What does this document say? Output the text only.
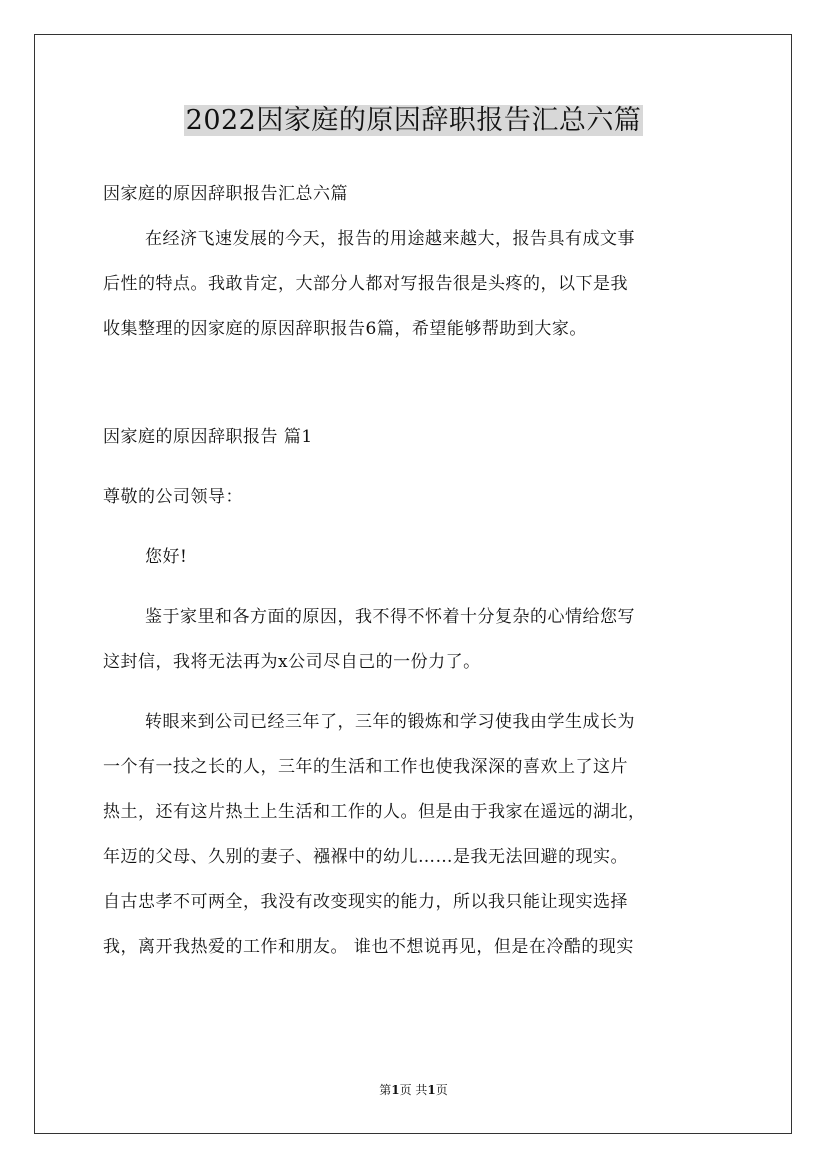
2022因家庭的原因辞职报告汇总六篇
因家庭的原因辞职报告汇总六篇
在经济飞速发展的今天，报告的用途越来越大，报告具有成文事
后性的特点。我敢肯定，大部分人都对写报告很是头疼的，以下是我
收集整理的因家庭的原因辞职报告6篇，希望能够帮助到大家。
因家庭的原因辞职报告 篇1
尊敬的公司领导：
您好!
鉴于家里和各方面的原因，我不得不怀着十分复杂的心情给您写
这封信，我将无法再为x公司尽自己的一份力了。
转眼来到公司已经三年了，三年的锻炼和学习使我由学生成长为
一个有一技之长的人，三年的生活和工作也使我深深的喜欢上了这片
热土，还有这片热土上生活和工作的人。但是由于我家在遥远的湖北，
年迈的父母、久别的妻子、襁褓中的幼儿……是我无法回避的现实。
自古忠孝不可两全，我没有改变现实的能力，所以我只能让现实选择
我，离开我热爱的工作和朋友。 谁也不想说再见，但是在冷酷的现实
第1页 共1页
